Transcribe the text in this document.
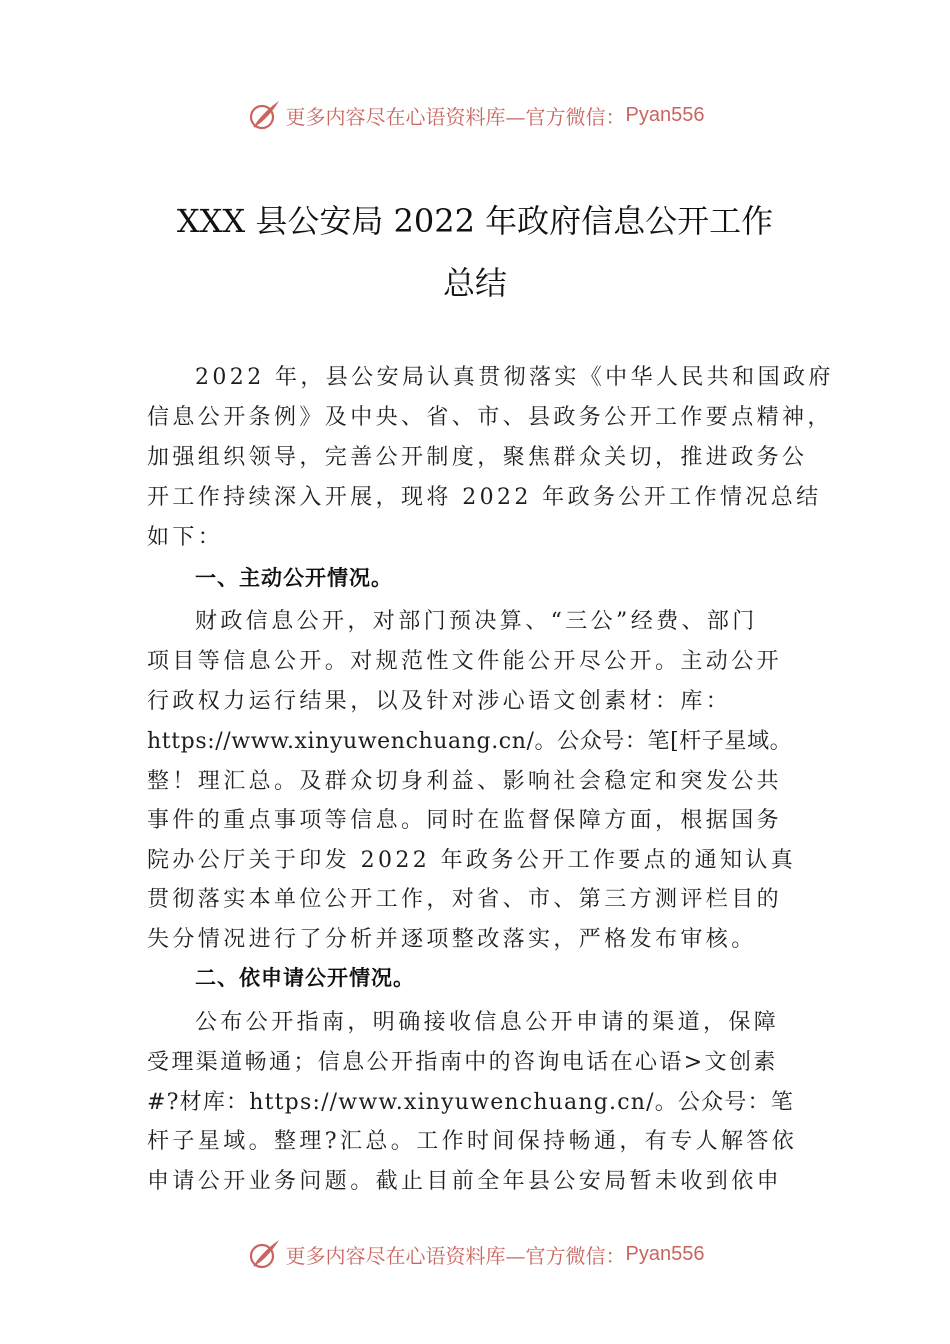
更多内容尽在心语资料库—官方微信： Pyan556
XXX 县公安局 2022 年政府信息公开工作
总结
2022 年，县公安局认真贯彻落实《中华人民共和国政府
信息公开条例》及中央、省、市、县政务公开工作要点精神，
加强组织领导，完善公开制度，聚焦群众关切，推进政务公
开工作持续深入开展，现将 2022 年政务公开工作情况总结
如下：
一、主动公开情况。
财政信息公开，对部门预决算、“三公”经费、部门
项目等信息公开。对规范性文件能公开尽公开。主动公开
行政权力运行结果，以及针对涉心语文创素材：库：
https://www.xinyuwenchuang.cn/。公众号：笔[杆子星域。
整！理汇总。及群众切身利益、影响社会稳定和突发公共
事件的重点事项等信息。同时在监督保障方面，根据国务
院办公厅关于印发 2022 年政务公开工作要点的通知认真
贯彻落实本单位公开工作，对省、市、第三方测评栏目的
失分情况进行了分析并逐项整改落实，严格发布审核。
二、依申请公开情况。
公布公开指南，明确接收信息公开申请的渠道，保障
受理渠道畅通；信息公开指南中的咨询电话在心语>文创素
#?材库：https://www.xinyuwenchuang.cn/。公众号：笔
杆子星域。整理?汇总。工作时间保持畅通，有专人解答依
申请公开业务问题。截止目前全年县公安局暂未收到依申
更多内容尽在心语资料库—官方微信： Pyan556
